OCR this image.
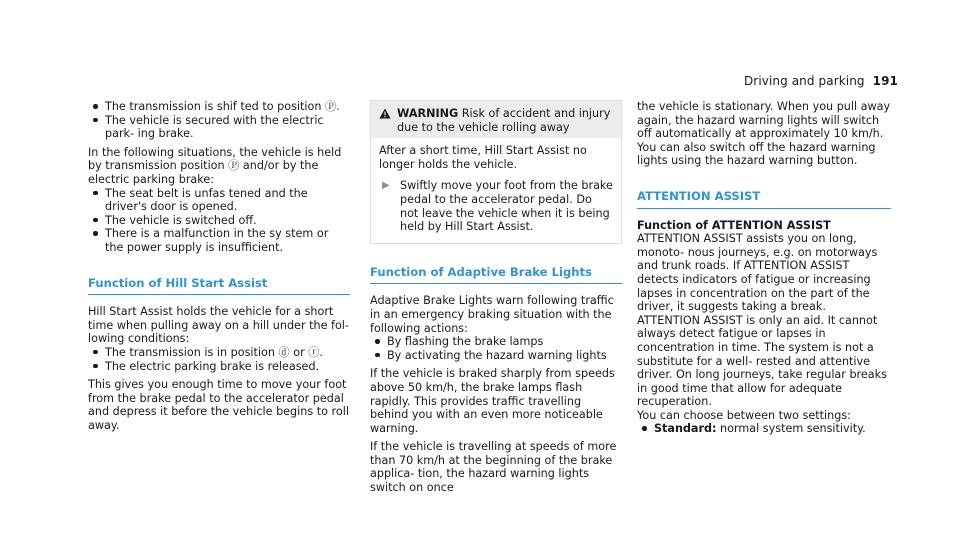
Driving and parking 191
The transmission is shif ted to position Ⓟ.
The vehicle is secured with the electric park- ing brake.

In the following situations, the vehicle is held by transmission position Ⓟ and/or by the electric parking brake:

The seat belt is unfas tened and the driver's door is opened.
The vehicle is switched off.
There is a malfunction in the sy stem or the power supply is insufficient.
Function of Hill Start Assist

Hill Start Assist holds the vehicle for a short time when pulling away on a hill under the fol- lowing conditions:

The transmission is in position ⓓ or ⓡ.
The electric parking brake is released.

This gives you enough time to move your foot from the brake pedal to the accelerator pedal and depress it before the vehicle begins to roll away.

WARNING Risk of accident and injury due to the vehicle rolling away

After a short time, Hill Start Assist no longer holds the vehicle.

▶ Swiftly move your foot from the brake pedal to the accelerator pedal. Do not leave the vehicle when it is being held by Hill Start Assist.
Function of Adaptive Brake Lights

Adaptive Brake Lights warn following traffic in an emergency braking situation with the following actions:

By flashing the brake lamps
By activating the hazard warning lights

If the vehicle is braked sharply from speeds above 50 km/h, the brake lamps flash rapidly. This provides traffic travelling behind you with an even more noticeable warning.

If the vehicle is travelling at speeds of more than 70 km/h at the beginning of the brake applica- tion, the hazard warning lights switch on once

the vehicle is stationary. When you pull away again, the hazard warning lights will switch off automatically at approximately 10 km/h. You can also switch off the hazard warning lights using the hazard warning button.

ATTENTION ASSIST

Function of ATTENTION ASSIST

ATTENTION ASSIST assists you on long, monoto- nous journeys, e.g. on motorways and trunk roads. If ATTENTION ASSIST detects indicators of fatigue or increasing lapses in concentration on the part of the driver, it suggests taking a break.

ATTENTION ASSIST is only an aid. It cannot always detect fatigue or lapses in concentration in time. The system is not a substitute for a well- rested and attentive driver. On long journeys, take regular breaks in good time that allow for adequate recuperation.

You can choose between two settings:

Standard: normal system sensitivity.
